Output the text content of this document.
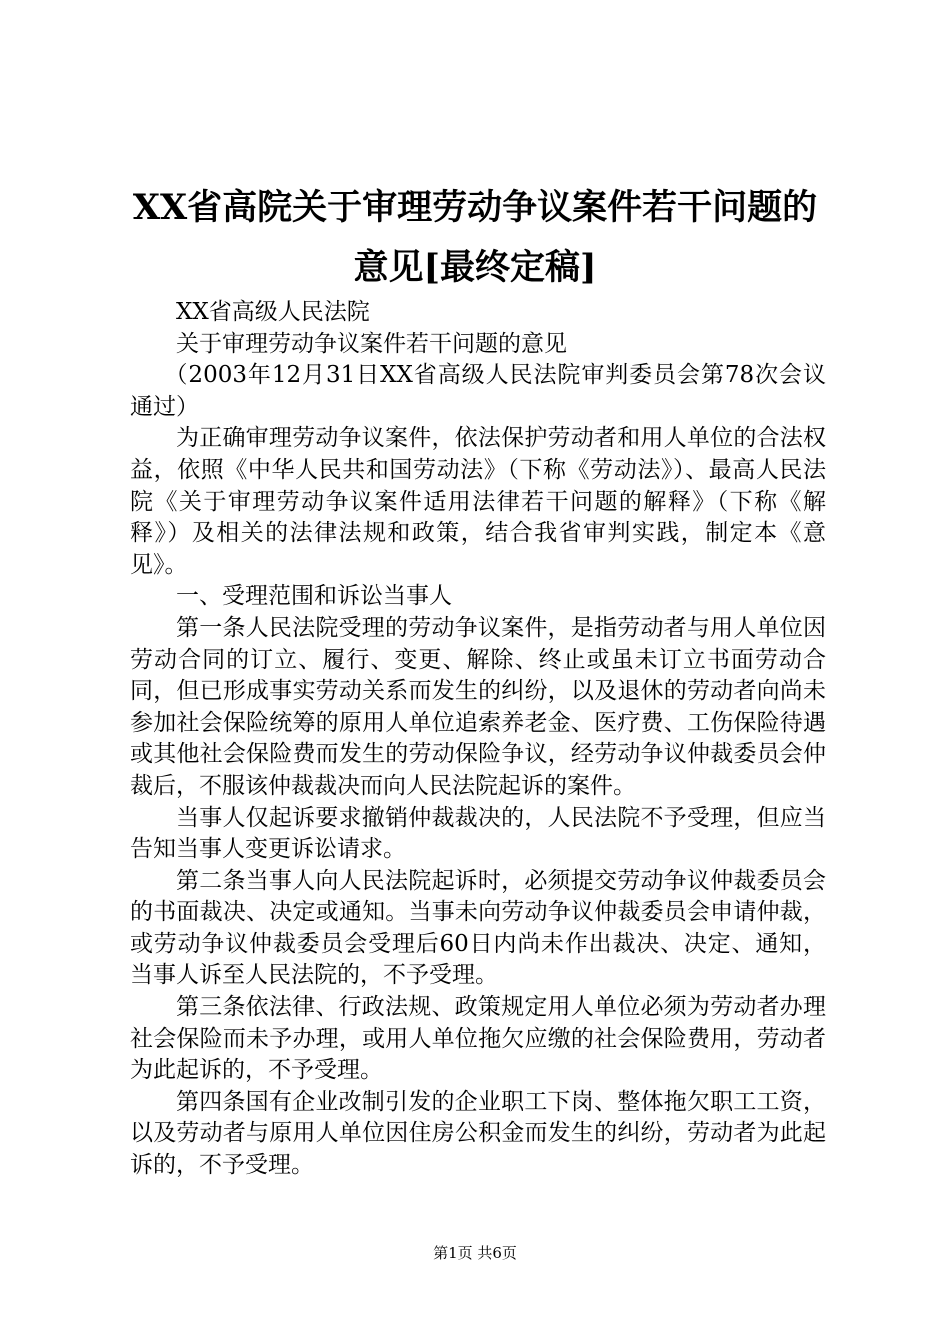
XX省高院关于审理劳动争议案件若干问题的
意见[最终定稿]

XX省高级人民法院

关于审理劳动争议案件若干问题的意见

（2003年12月31日XX省高级人民法院审判委员会第78次会议通过）

为正确审理劳动争议案件，依法保护劳动者和用人单位的合法权益，依照《中华人民共和国劳动法》（下称《劳动法》）、最高人民法院《关于审理劳动争议案件适用法律若干问题的解释》（下称《解释》）及相关的法律法规和政策，结合我省审判实践，制定本《意见》。

一、受理范围和诉讼当事人

第一条人民法院受理的劳动争议案件，是指劳动者与用人单位因劳动合同的订立、履行、变更、解除、终止或虽未订立书面劳动合同，但已形成事实劳动关系而发生的纠纷，以及退休的劳动者向尚未参加社会保险统筹的原用人单位追索养老金、医疗费、工伤保险待遇或其他社会保险费而发生的劳动保险争议，经劳动争议仲裁委员会仲裁后，不服该仲裁裁决而向人民法院起诉的案件。

当事人仅起诉要求撤销仲裁裁决的，人民法院不予受理，但应当告知当事人变更诉讼请求。

第二条当事人向人民法院起诉时，必须提交劳动争议仲裁委员会的书面裁决、决定或通知。当事未向劳动争议仲裁委员会申请仲裁，或劳动争议仲裁委员会受理后60日内尚未作出裁决、决定、通知，当事人诉至人民法院的，不予受理。

第三条依法律、行政法规、政策规定用人单位必须为劳动者办理社会保险而未予办理，或用人单位拖欠应缴的社会保险费用，劳动者为此起诉的，不予受理。

第四条国有企业改制引发的企业职工下岗、整体拖欠职工工资，以及劳动者与原用人单位因住房公积金而发生的纠纷，劳动者为此起诉的，不予受理。

第1页 共6页
